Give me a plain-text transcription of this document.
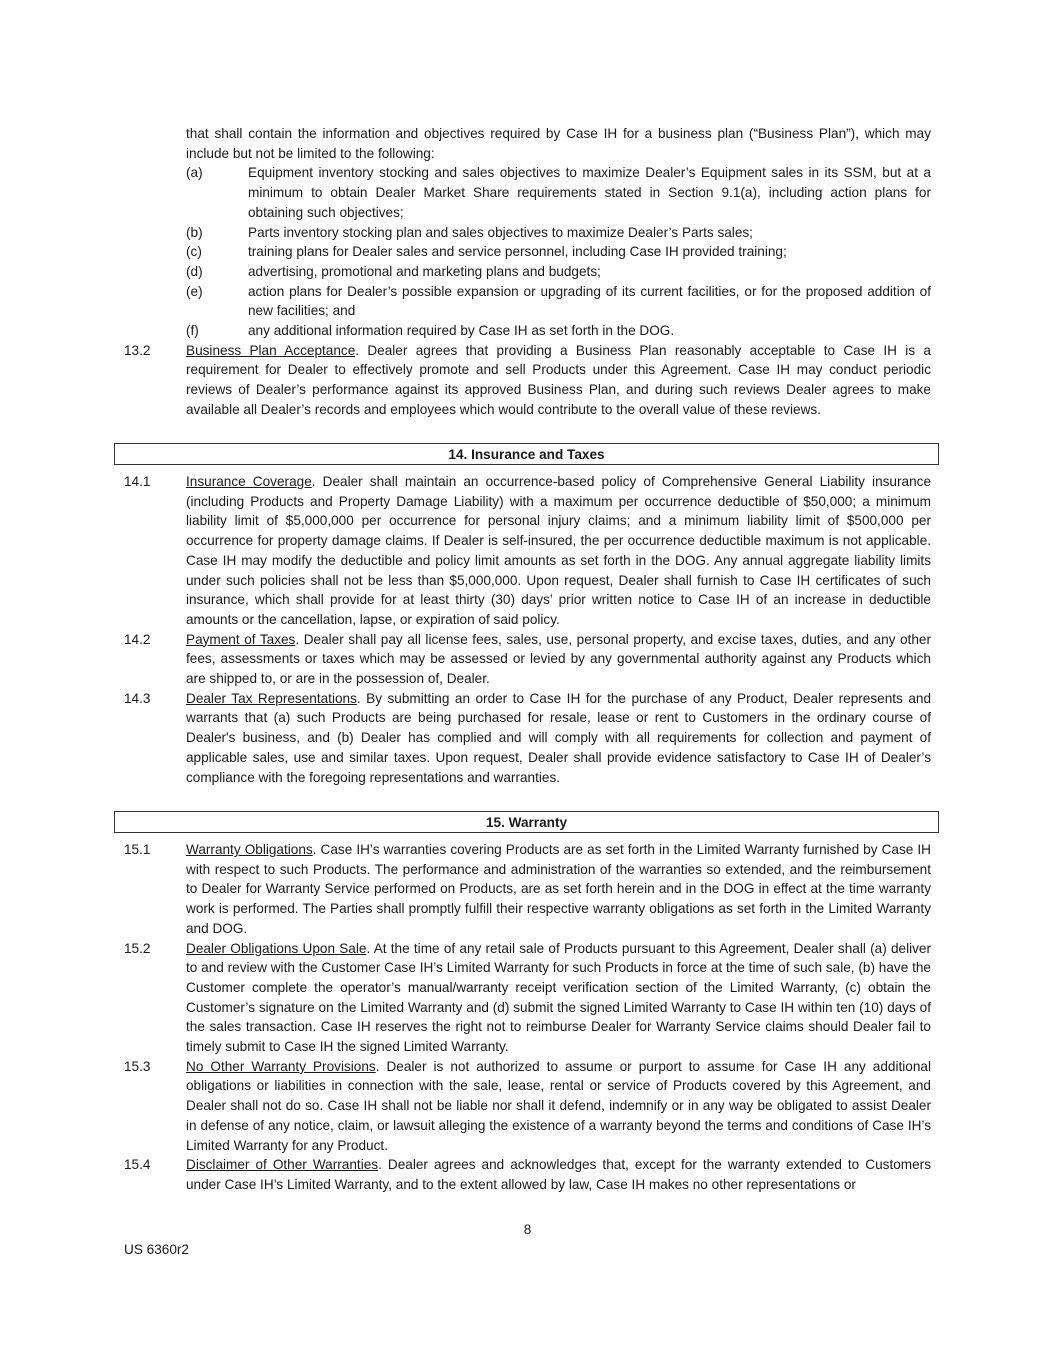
that shall contain the information and objectives required by Case IH for a business plan (“Business Plan”), which may include but not be limited to the following:
(a)	Equipment inventory stocking and sales objectives to maximize Dealer’s Equipment sales in its SSM, but at a minimum to obtain Dealer Market Share requirements stated in Section 9.1(a), including action plans for obtaining such objectives;
(b)	Parts inventory stocking plan and sales objectives to maximize Dealer’s Parts sales;
(c)	training plans for Dealer sales and service personnel, including Case IH provided training;
(d)	advertising, promotional and marketing plans and budgets;
(e)	action plans for Dealer’s possible expansion or upgrading of its current facilities, or for the proposed addition of new facilities; and
(f)	any additional information required by Case IH as set forth in the DOG.
13.2	Business Plan Acceptance. Dealer agrees that providing a Business Plan reasonably acceptable to Case IH is a requirement for Dealer to effectively promote and sell Products under this Agreement. Case IH may conduct periodic reviews of Dealer’s performance against its approved Business Plan, and during such reviews Dealer agrees to make available all Dealer’s records and employees which would contribute to the overall value of these reviews.
14. Insurance and Taxes
14.1	Insurance Coverage. Dealer shall maintain an occurrence-based policy of Comprehensive General Liability insurance (including Products and Property Damage Liability) with a maximum per occurrence deductible of $50,000; a minimum liability limit of $5,000,000 per occurrence for personal injury claims; and a minimum liability limit of $500,000 per occurrence for property damage claims. If Dealer is self-insured, the per occurrence deductible maximum is not applicable. Case IH may modify the deductible and policy limit amounts as set forth in the DOG. Any annual aggregate liability limits under such policies shall not be less than $5,000,000. Upon request, Dealer shall furnish to Case IH certificates of such insurance, which shall provide for at least thirty (30) days’ prior written notice to Case IH of an increase in deductible amounts or the cancellation, lapse, or expiration of said policy.
14.2	Payment of Taxes. Dealer shall pay all license fees, sales, use, personal property, and excise taxes, duties, and any other fees, assessments or taxes which may be assessed or levied by any governmental authority against any Products which are shipped to, or are in the possession of, Dealer.
14.3	Dealer Tax Representations. By submitting an order to Case IH for the purchase of any Product, Dealer represents and warrants that (a) such Products are being purchased for resale, lease or rent to Customers in the ordinary course of Dealer's business, and (b) Dealer has complied and will comply with all requirements for collection and payment of applicable sales, use and similar taxes. Upon request, Dealer shall provide evidence satisfactory to Case IH of Dealer’s compliance with the foregoing representations and warranties.
15. Warranty
15.1	Warranty Obligations. Case IH’s warranties covering Products are as set forth in the Limited Warranty furnished by Case IH with respect to such Products. The performance and administration of the warranties so extended, and the reimbursement to Dealer for Warranty Service performed on Products, are as set forth herein and in the DOG in effect at the time warranty work is performed. The Parties shall promptly fulfill their respective warranty obligations as set forth in the Limited Warranty and DOG.
15.2	Dealer Obligations Upon Sale. At the time of any retail sale of Products pursuant to this Agreement, Dealer shall (a) deliver to and review with the Customer Case IH’s Limited Warranty for such Products in force at the time of such sale, (b) have the Customer complete the operator’s manual/warranty receipt verification section of the Limited Warranty, (c) obtain the Customer’s signature on the Limited Warranty and (d) submit the signed Limited Warranty to Case IH within ten (10) days of the sales transaction. Case IH reserves the right not to reimburse Dealer for Warranty Service claims should Dealer fail to timely submit to Case IH the signed Limited Warranty.
15.3	No Other Warranty Provisions. Dealer is not authorized to assume or purport to assume for Case IH any additional obligations or liabilities in connection with the sale, lease, rental or service of Products covered by this Agreement, and Dealer shall not do so. Case IH shall not be liable nor shall it defend, indemnify or in any way be obligated to assist Dealer in defense of any notice, claim, or lawsuit alleging the existence of a warranty beyond the terms and conditions of Case IH’s Limited Warranty for any Product.
15.4	Disclaimer of Other Warranties. Dealer agrees and acknowledges that, except for the warranty extended to Customers under Case IH’s Limited Warranty, and to the extent allowed by law, Case IH makes no other representations or
8
US 6360r2
